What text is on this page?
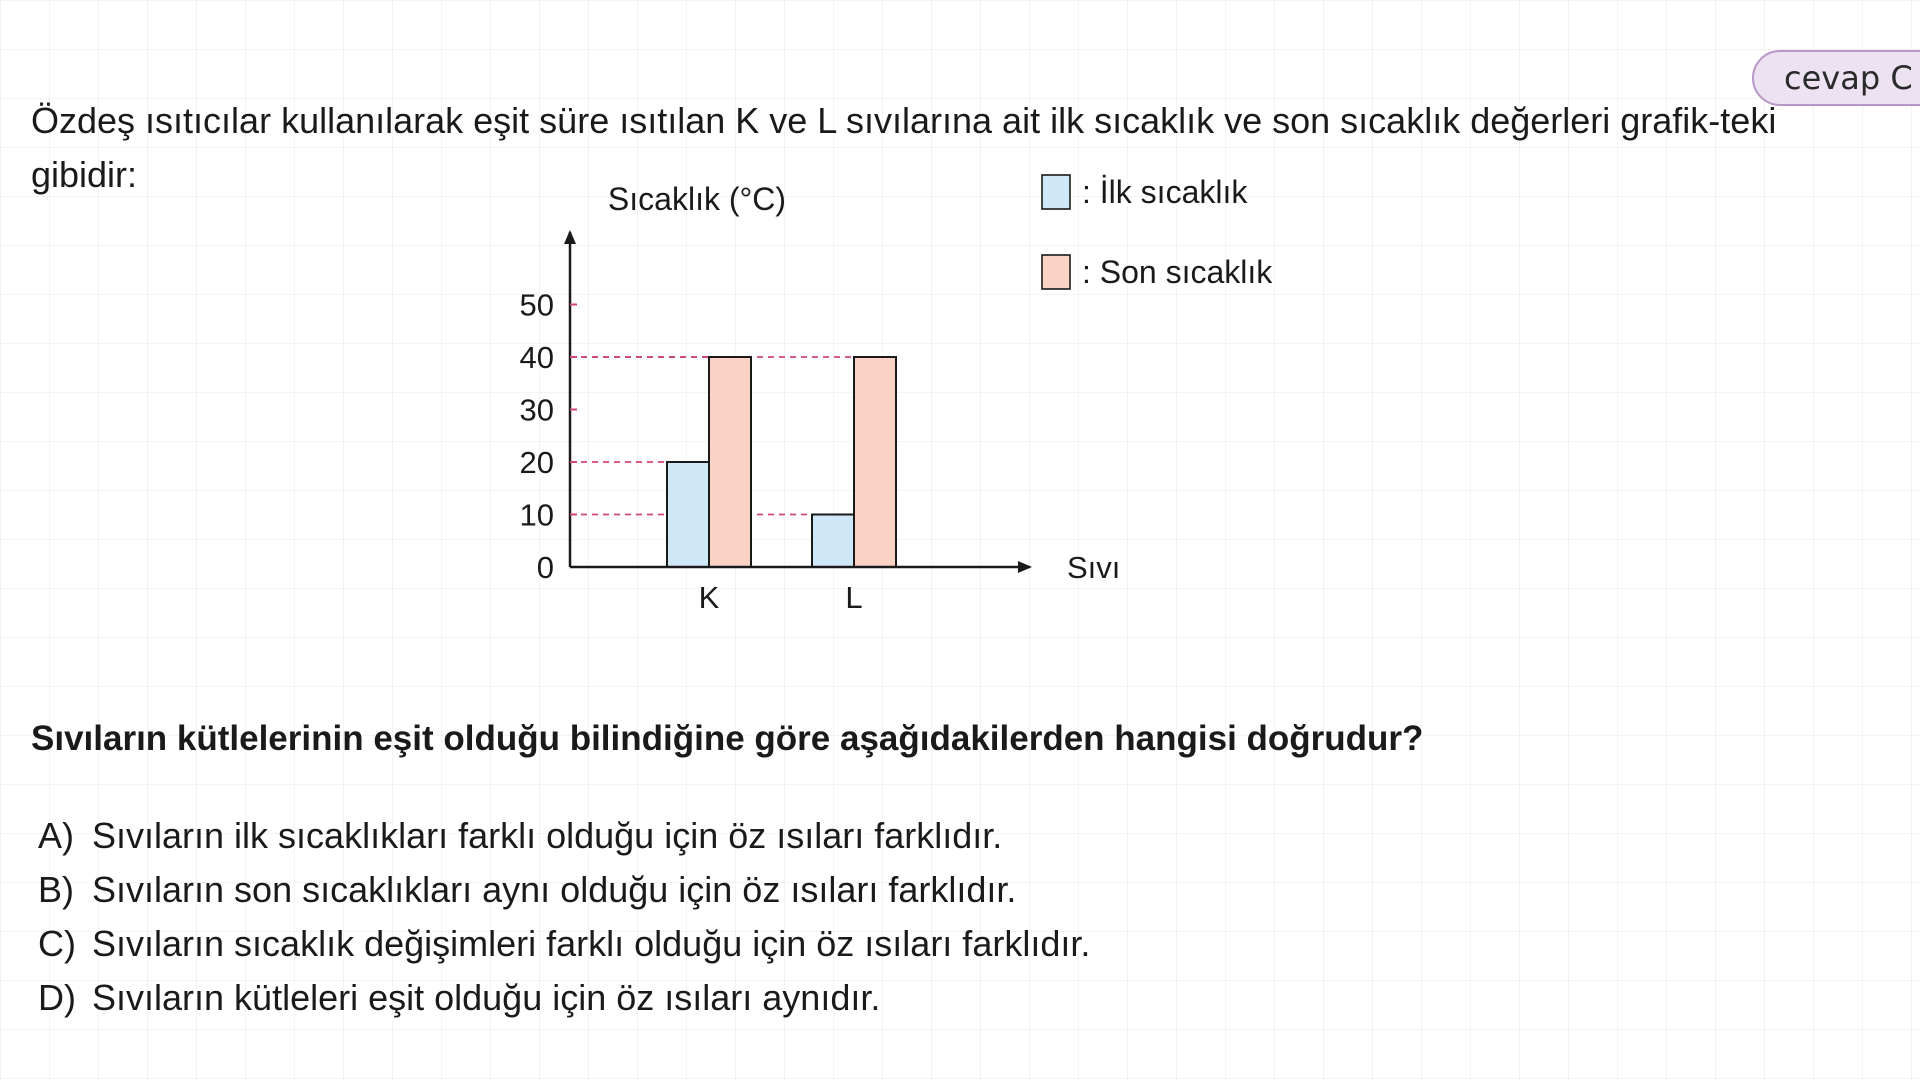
cevap C

Özdeş ısıtıcılar kullanılarak eşit süre ısıtılan K ve L sıvılarına ait ilk sıcaklık ve son sıcaklık değerleri grafik-teki gibidir:

0
10
20
30
40
50
K	L
Sıcaklık (°C)
Sıvı
: İlk sıcaklık
: Son sıcaklık

Sıvıların kütlelerinin eşit olduğu bilindiğine göre aşağıdakilerden hangisi doğrudur?

A) Sıvıların ilk sıcaklıkları farklı olduğu için öz ısıları farklıdır.
B) Sıvıların son sıcaklıkları aynı olduğu için öz ısıları farklıdır.
C) Sıvıların sıcaklık değişimleri farklı olduğu için öz ısıları farklıdır.
D) Sıvıların kütleleri eşit olduğu için öz ısıları aynıdır.
